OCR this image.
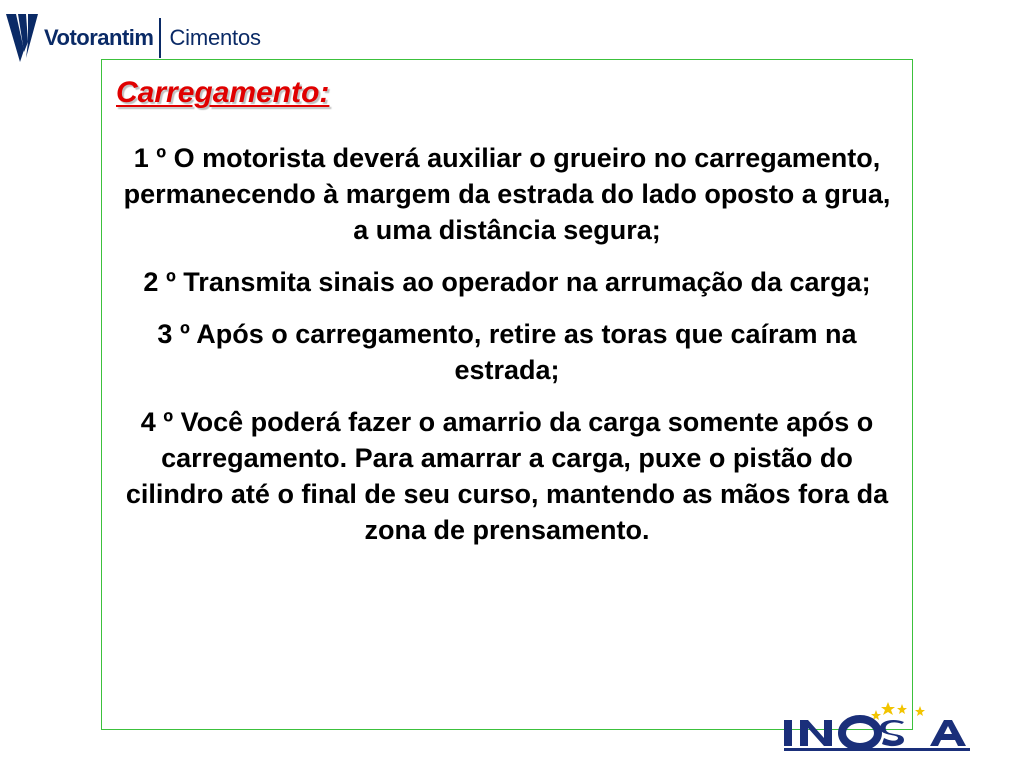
Votorantim Cimentos
Carregamento:

1 º O motorista deverá auxiliar o grueiro no carregamento, permanecendo à margem da estrada do lado oposto a grua, a uma distância segura;

2 º Transmita sinais ao operador na arrumação da carga;

3 º Após o carregamento, retire as toras que caíram na estrada;

4 º Você poderá fazer o amarrio da carga somente após o carregamento. Para amarrar a carga, puxe o pistão do cilindro até o final de seu curso, mantendo as mãos fora da zona de prensamento.
